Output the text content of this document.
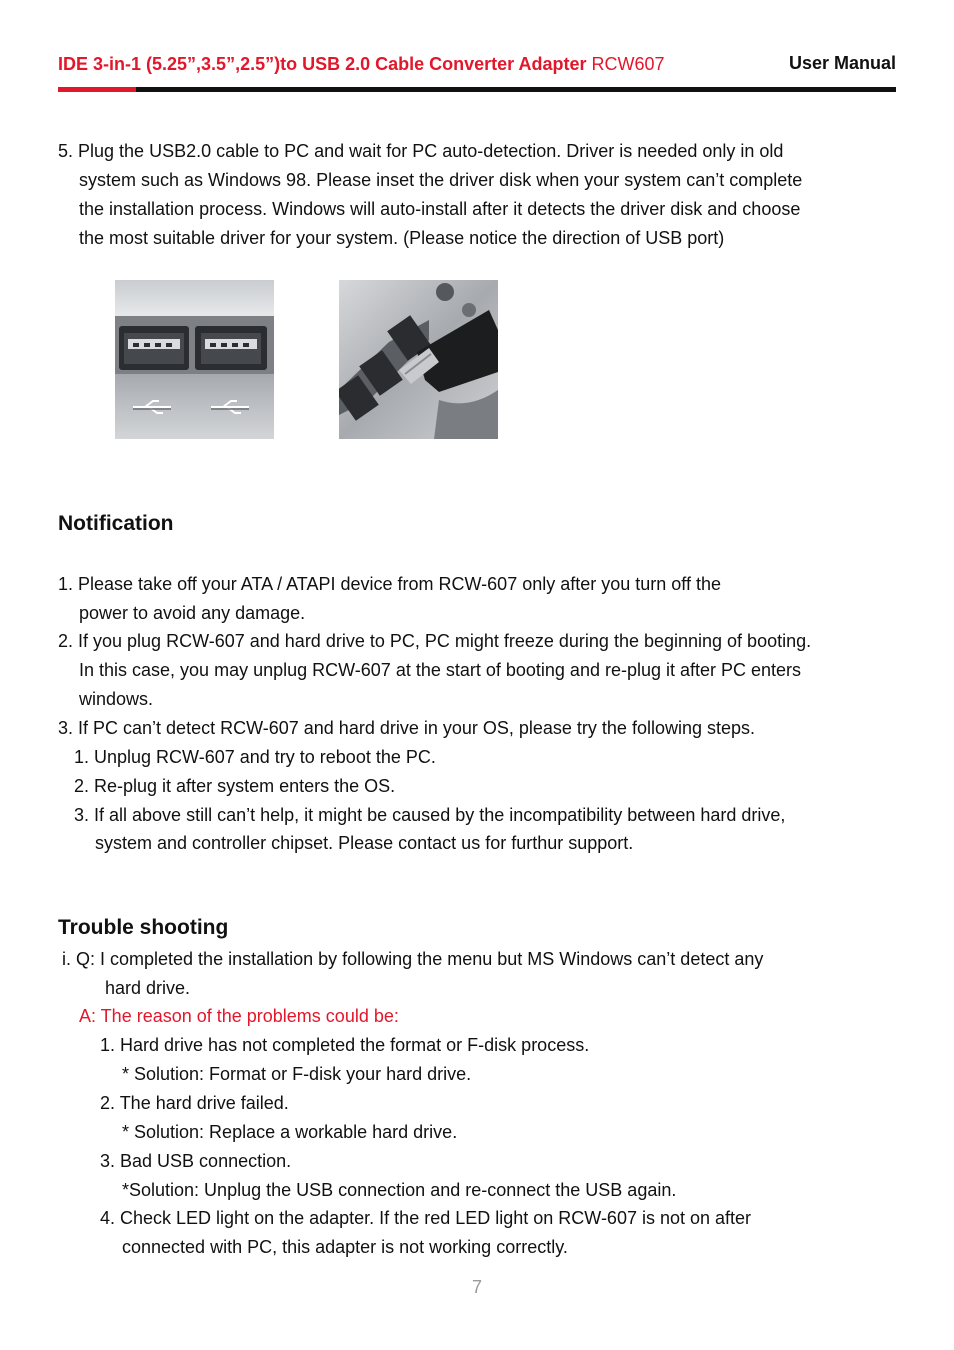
IDE 3-in-1 (5.25”,3.5”,2.5”)to USB 2.0 Cable Converter Adapter RCW607	User Manual
5. Plug the USB2.0 cable to PC and wait for PC auto-detection. Driver is needed only in old
system such as Windows 98. Please inset the driver disk when your system can’t complete
the installation process. Windows will auto-install after it detects the driver disk and choose
the most suitable driver for your system. (Please notice the direction of USB port)
Notification
1. Please take off your ATA / ATAPI device from RCW-607 only after you turn off the
power to avoid any damage.
2. If you plug RCW-607 and hard drive to PC, PC might freeze during the beginning of booting.
In this case, you may unplug RCW-607 at the start of booting and re-plug it after PC enters
windows.
3. If PC can’t detect RCW-607 and hard drive in your OS, please try the following steps.
1. Unplug RCW-607 and try to reboot the PC.
2. Re-plug it after system enters the OS.
3. If all above still can’t help, it might be caused by the incompatibility between hard drive,
system and controller chipset. Please contact us for furthur support.
Trouble shooting
i. Q: I completed the installation by following the menu but MS Windows can’t detect any
hard drive.
A: The reason of the problems could be:
1. Hard drive has not completed the format or F-disk process.
* Solution: Format or F-disk your hard drive.
2. The hard drive failed.
* Solution: Replace a workable hard drive.
3. Bad USB connection.
*Solution: Unplug the USB connection and re-connect the USB again.
4. Check LED light on the adapter. If the red LED light on RCW-607 is not on after
connected with PC, this adapter is not working correctly.
7
